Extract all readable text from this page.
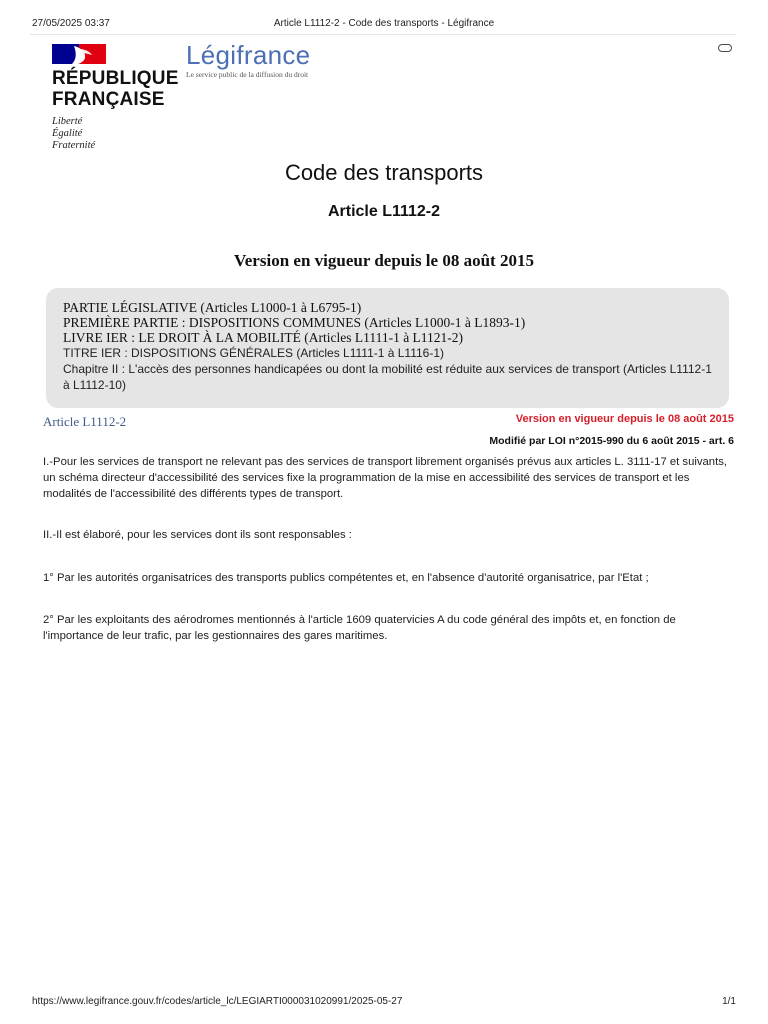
27/05/2025 03:37	Article L1112-2 - Code des transports - Légifrance
RÉPUBLIQUE
FRANÇAISE
Liberté
Égalité
Fraternité
Légifrance
Le service public de la diffusion du droit
Code des transports
Article L1112-2
Version en vigueur depuis le 08 août 2015
PARTIE LÉGISLATIVE (Articles L1000-1 à L6795-1)
PREMIÈRE PARTIE : DISPOSITIONS COMMUNES (Articles L1000-1 à L1893-1)
LIVRE IER : LE DROIT À LA MOBILITÉ (Articles L1111-1 à L1121-2)
TITRE IER : DISPOSITIONS GÉNÉRALES (Articles L1111-1 à L1116-1)
Chapitre II : L'accès des personnes handicapées ou dont la mobilité est réduite aux services de transport (Articles L1112-1 à L1112-10)
Article L1112-2	Version en vigueur depuis le 08 août 2015
Modifié par LOI n°2015-990 du 6 août 2015 - art. 6
I.-Pour les services de transport ne relevant pas des services de transport librement organisés prévus aux articles L. 3111-17 et suivants, un schéma directeur d'accessibilité des services fixe la programmation de la mise en accessibilité des services de transport et les modalités de l'accessibilité des différents types de transport.
II.-Il est élaboré, pour les services dont ils sont responsables :
1° Par les autorités organisatrices des transports publics compétentes et, en l'absence d'autorité organisatrice, par l'Etat ;
2° Par les exploitants des aérodromes mentionnés à l'article 1609 quatervicies A du code général des impôts et, en fonction de l'importance de leur trafic, par les gestionnaires des gares maritimes.
https://www.legifrance.gouv.fr/codes/article_lc/LEGIARTI000031020991/2025-05-27	1/1
